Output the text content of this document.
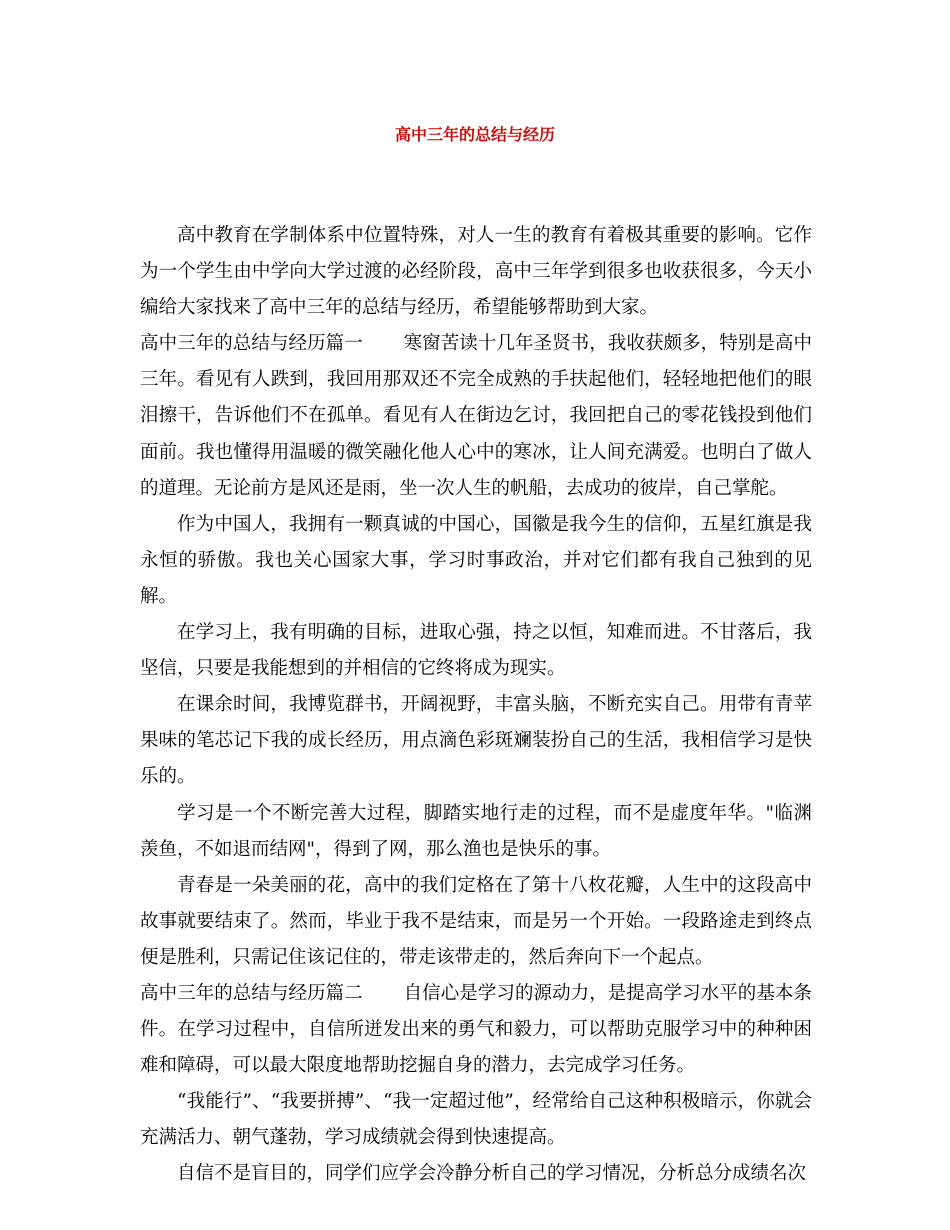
高中三年的总结与经历

高中教育在学制体系中位置特殊，对人一生的教育有着极其重要的影响。它作为一个学生由中学向大学过渡的必经阶段，高中三年学到很多也收获很多，今天小编给大家找来了高中三年的总结与经历，希望能够帮助到大家。

高中三年的总结与经历篇一 寒窗苦读十几年圣贤书，我收获颇多，特别是高中三年。看见有人跌到，我回用那双还不完全成熟的手扶起他们，轻轻地把他们的眼泪擦干，告诉他们不在孤单。看见有人在街边乞讨，我回把自己的零花钱投到他们面前。我也懂得用温暖的微笑融化他人心中的寒冰，让人间充满爱。也明白了做人的道理。无论前方是风还是雨，坐一次人生的帆船，去成功的彼岸，自己掌舵。

作为中国人，我拥有一颗真诚的中国心，国徽是我今生的信仰，五星红旗是我永恒的骄傲。我也关心国家大事，学习时事政治，并对它们都有我自己独到的见解。

在学习上，我有明确的目标，进取心强，持之以恒，知难而进。不甘落后，我坚信，只要是我能想到的并相信的它终将成为现实。

在课余时间，我博览群书，开阔视野，丰富头脑，不断充实自己。用带有青苹果味的笔芯记下我的成长经历，用点滴色彩斑斓装扮自己的生活，我相信学习是快乐的。

学习是一个不断完善大过程，脚踏实地行走的过程，而不是虚度年华。"临渊羡鱼，不如退而结网"，得到了网，那么渔也是快乐的事。

青春是一朵美丽的花，高中的我们定格在了第十八枚花瓣，人生中的这段高中故事就要结束了。然而，毕业于我不是结束，而是另一个开始。一段路途走到终点便是胜利，只需记住该记住的，带走该带走的，然后奔向下一个起点。

高中三年的总结与经历篇二 自信心是学习的源动力，是提高学习水平的基本条件。在学习过程中，自信所迸发出来的勇气和毅力，可以帮助克服学习中的种种困难和障碍，可以最大限度地帮助挖掘自身的潜力，去完成学习任务。

“我能行”、“我要拼搏”、“我一定超过他”，经常给自己这种积极暗示，你就会充满活力、朝气蓬勃，学习成绩就会得到快速提高。

自信不是盲目的，同学们应学会冷静分析自己的学习情况，分析总分成绩名次
